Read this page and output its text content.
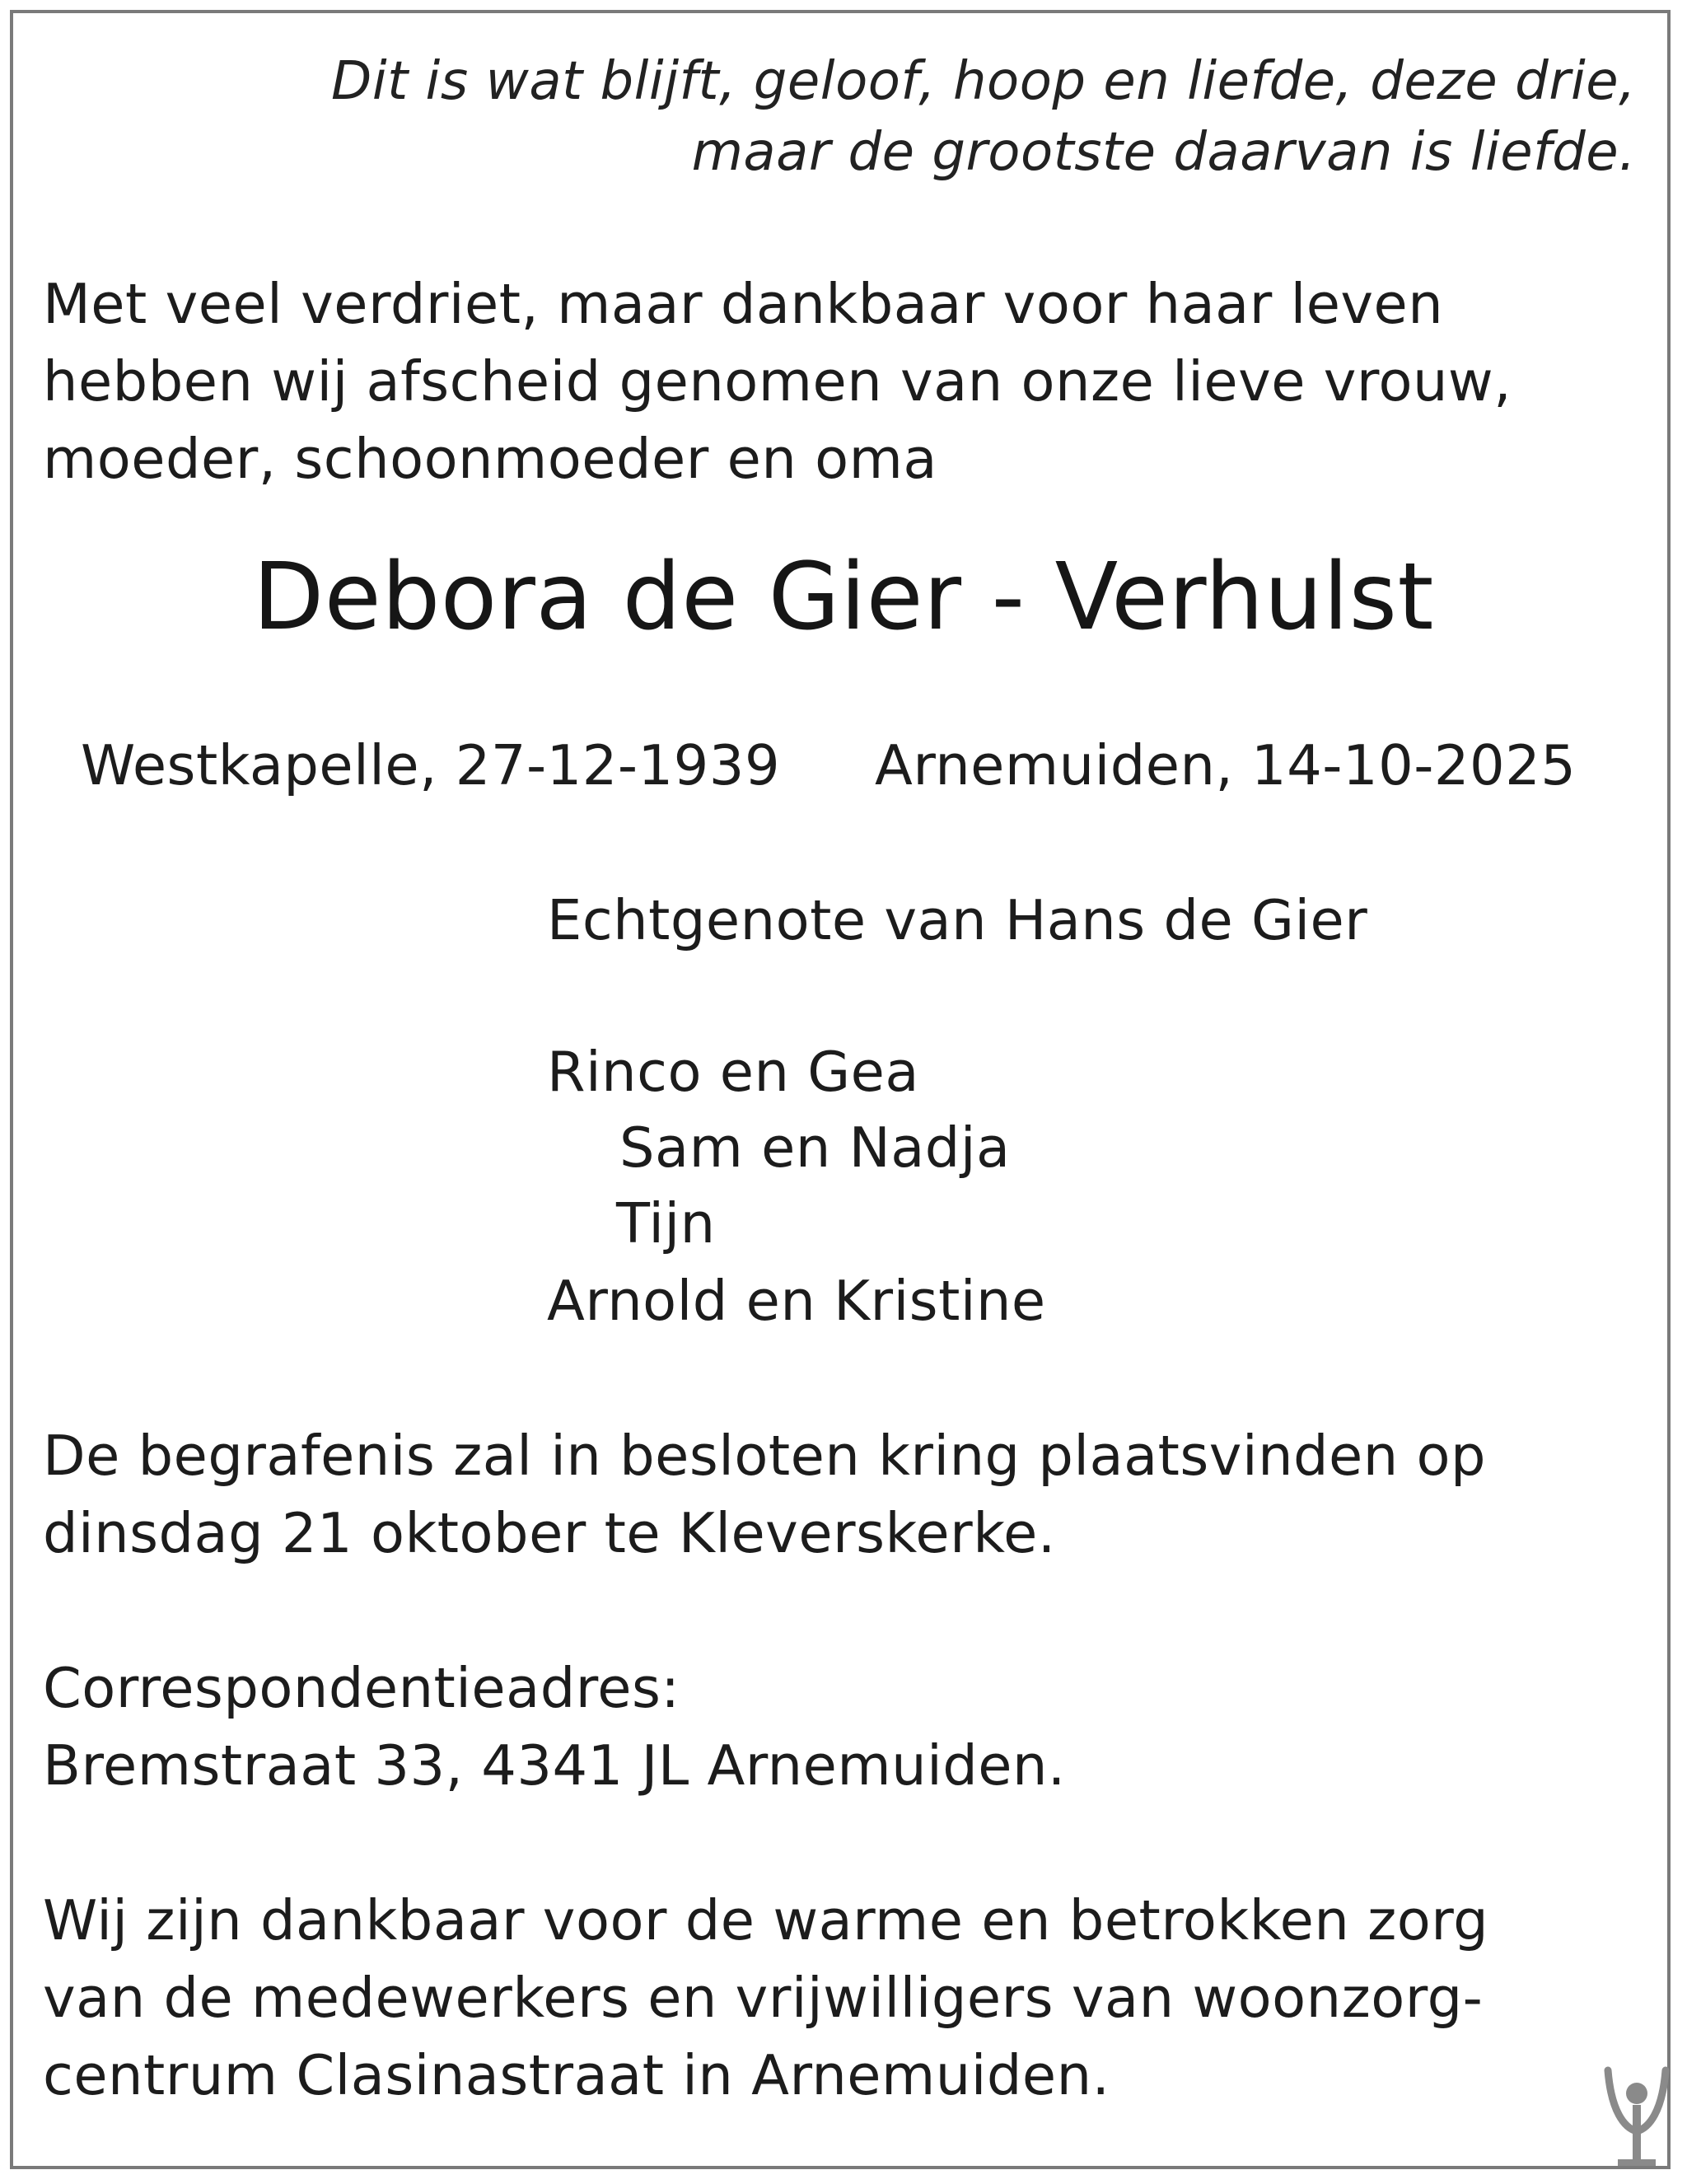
Dit is wat blijft, geloof, hoop en liefde, deze drie,
maar de grootste daarvan is liefde.
Met veel verdriet, maar dankbaar voor haar leven
hebben wij afscheid genomen van onze lieve vrouw,
moeder, schoonmoeder en oma
Debora de Gier - Verhulst
Westkapelle, 27-12-1939 Arnemuiden, 14-10-2025
Echtgenote van Hans de Gier
Rinco en Gea
Sam en Nadja
Tijn
Arnold en Kristine
De begrafenis zal in besloten kring plaatsvinden op
dinsdag 21 oktober te Kleverskerke.
Correspondentieadres:
Bremstraat 33, 4341 JL Arnemuiden.
Wij zijn dankbaar voor de warme en betrokken zorg
van de medewerkers en vrijwilligers van woonzorg-
centrum Clasinastraat in Arnemuiden.
